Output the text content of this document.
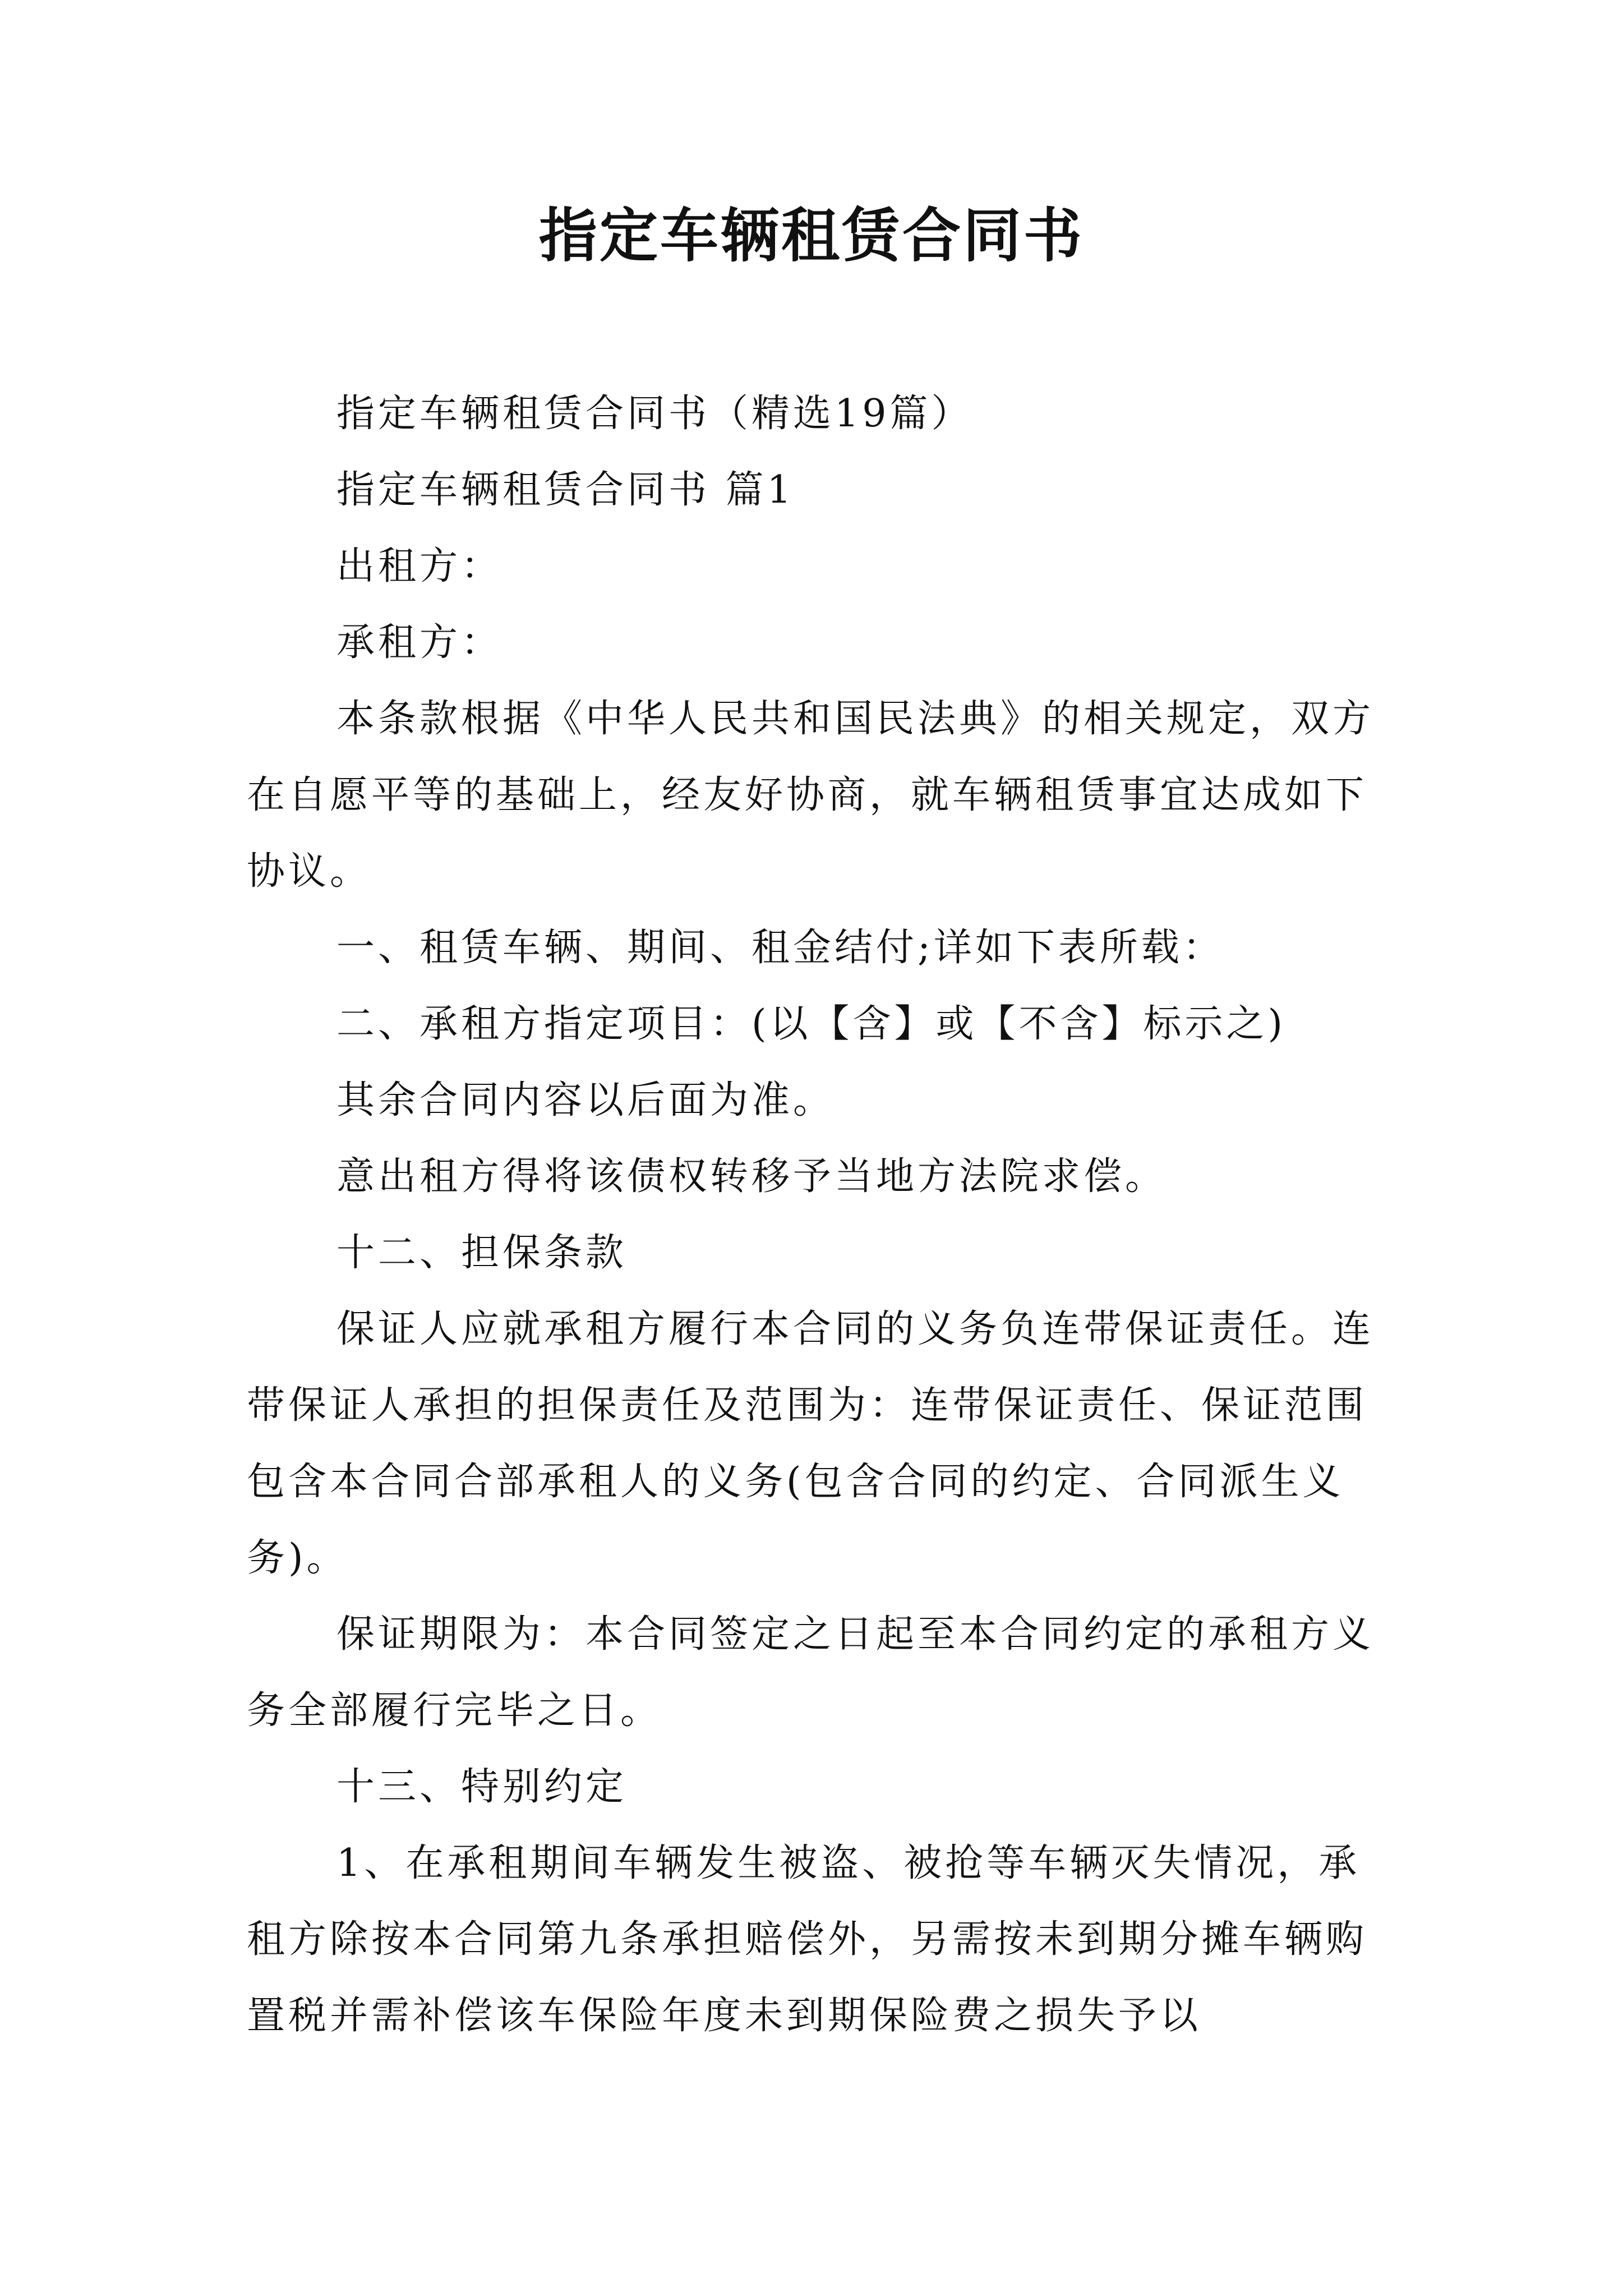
指定车辆租赁合同书

指定车辆租赁合同书（精选19篇）

指定车辆租赁合同书 篇1

出租方：

承租方：

本条款根据《中华人民共和国民法典》的相关规定，双方在自愿平等的基础上，经友好协商，就车辆租赁事宜达成如下协议。

一、租赁车辆、期间、租金结付;详如下表所载：

二、承租方指定项目：(以【含】或【不含】标示之)

其余合同内容以后面为准。

意出租方得将该债权转移予当地方法院求偿。

十二、担保条款

保证人应就承租方履行本合同的义务负连带保证责任。连带保证人承担的担保责任及范围为：连带保证责任、保证范围包含本合同合部承租人的义务(包含合同的约定、合同派生义务)。

保证期限为：本合同签定之日起至本合同约定的承租方义务全部履行完毕之日。

十三、特别约定

1、在承租期间车辆发生被盗、被抢等车辆灭失情况，承租方除按本合同第九条承担赔偿外，另需按未到期分摊车辆购置税并需补偿该车保险年度未到期保险费之损失予以
